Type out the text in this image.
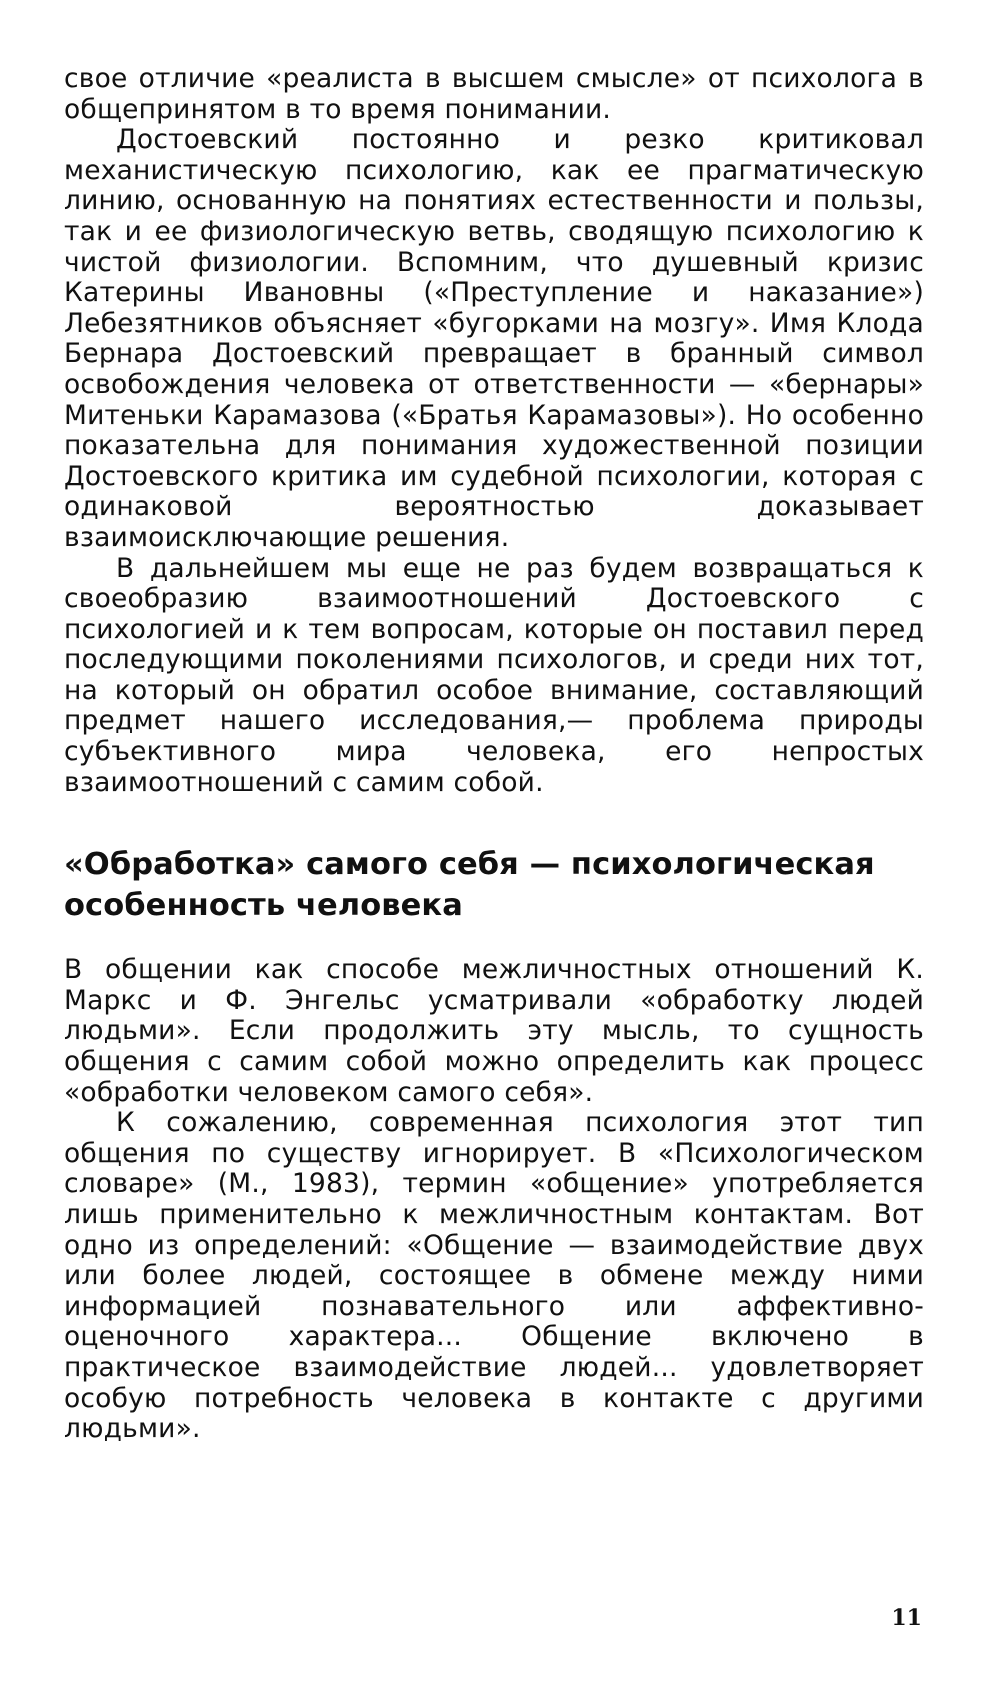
свое отличие «реалиста в высшем смысле» от психолога в общепринятом в то время понимании.

Достоевский постоянно и резко критиковал механистическую психологию, как ее прагматическую линию, основанную на понятиях естественности и пользы, так и ее физиологическую ветвь, сводящую психологию к чистой физиологии. Вспомним, что душевный кризис Катерины Ивановны («Преступление и наказание») Лебезятников объясняет «бугорками на мозгу». Имя Клода Бернара Достоевский превращает в бранный символ освобождения человека от ответственности — «бернары» Митеньки Карамазова («Братья Карамазовы»). Но особенно показательна для понимания художественной позиции Достоевского критика им судебной психологии, которая с одинаковой вероятностью доказывает взаимоисключающие решения.

В дальнейшем мы еще не раз будем возвращаться к своеобразию взаимоотношений Достоевского с психологией и к тем вопросам, которые он поставил перед последующими поколениями психологов, и среди них тот, на который он обратил особое внимание, составляющий предмет нашего исследования,— проблема природы субъективного мира человека, его непростых взаимоотношений с самим собой.

«Обработка» самого себя — психологическая особенность человека

В общении как способе межличностных отношений К. Маркс и Ф. Энгельс усматривали «обработку людей людьми». Если продолжить эту мысль, то сущность общения с самим собой можно определить как процесс «обработки человеком самого себя».

К сожалению, современная психология этот тип общения по существу игнорирует. В «Психологическом словаре» (М., 1983), термин «общение» употребляется лишь применительно к межличностным контактам. Вот одно из определений: «Общение — взаимодействие двух или более людей, состоящее в обмене между ними информацией познавательного или аффективно-оценочного характера... Общение включено в практическое взаимодействие людей... удовлетворяет особую потребность человека в контакте с другими людьми».

11
